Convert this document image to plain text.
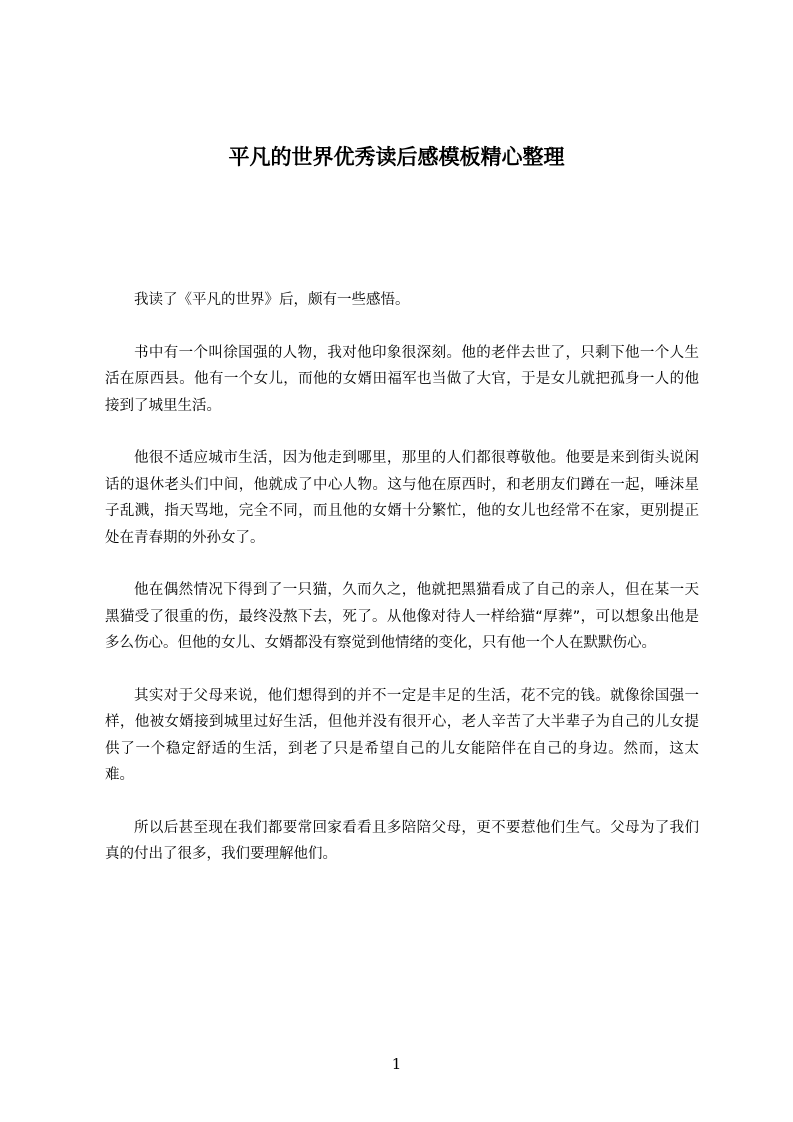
平凡的世界优秀读后感模板精心整理

我读了《平凡的世界》后，颇有一些感悟。

书中有一个叫徐国强的人物，我对他印象很深刻。他的老伴去世了，只剩下他一个人生活在原西县。他有一个女儿，而他的女婿田福军也当做了大官，于是女儿就把孤身一人的他接到了城里生活。

他很不适应城市生活，因为他走到哪里，那里的人们都很尊敬他。他要是来到街头说闲话的退休老头们中间，他就成了中心人物。这与他在原西时，和老朋友们蹲在一起，唾沫星子乱溅，指天骂地，完全不同，而且他的女婿十分繁忙，他的女儿也经常不在家，更别提正处在青春期的外孙女了。

他在偶然情况下得到了一只猫，久而久之，他就把黑猫看成了自己的亲人，但在某一天黑猫受了很重的伤，最终没熬下去，死了。从他像对待人一样给猫“厚葬”，可以想象出他是多么伤心。但他的女儿、女婿都没有察觉到他情绪的变化，只有他一个人在默默伤心。

其实对于父母来说，他们想得到的并不一定是丰足的生活，花不完的钱。就像徐国强一样，他被女婿接到城里过好生活，但他并没有很开心，老人辛苦了大半辈子为自己的儿女提供了一个稳定舒适的生活，到老了只是希望自己的儿女能陪伴在自己的身边。然而，这太难。

所以后甚至现在我们都要常回家看看且多陪陪父母，更不要惹他们生气。父母为了我们真的付出了很多，我们要理解他们。

1
